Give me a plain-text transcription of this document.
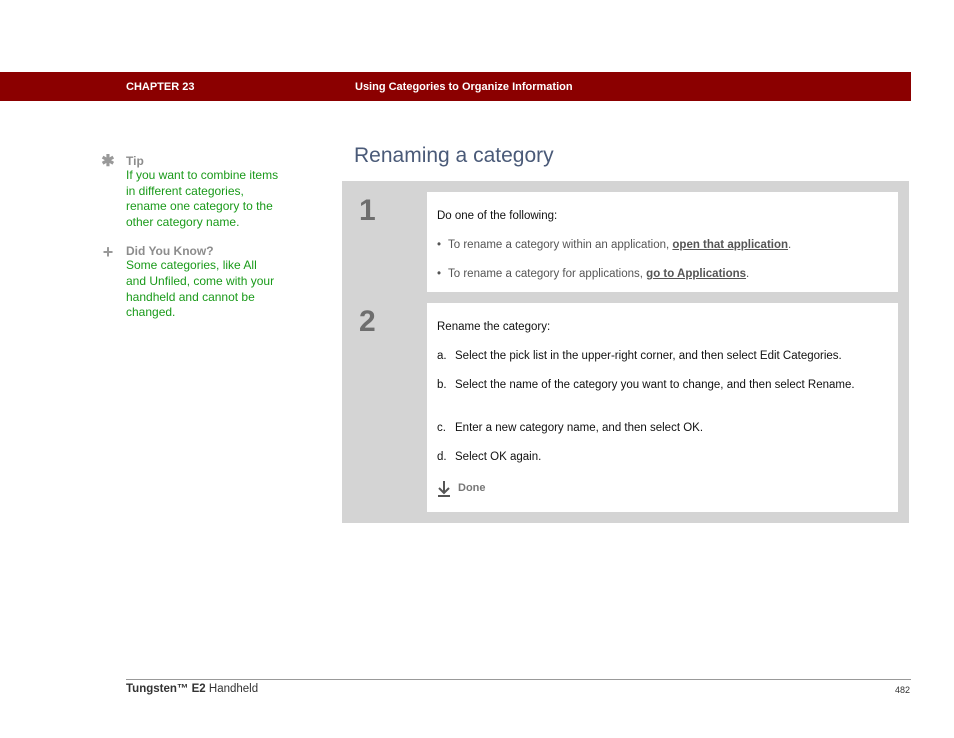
CHAPTER 23	Using Categories to Organize Information
✱ Tip
If you want to combine items in different categories, rename one category to the other category name.
+ Did You Know?
Some categories, like All and Unfiled, come with your handheld and cannot be changed.
Renaming a category
1	Do one of the following:

• To rename a category within an application, open that application.
• To rename a category for applications, go to Applications.
2	Rename the category:

a. Select the pick list in the upper-right corner, and then select Edit Categories.
b. Select the name of the category you want to change, and then select Rename.
c. Enter a new category name, and then select OK.
d. Select OK again.
Done
Tungsten™ E2 Handheld	482
